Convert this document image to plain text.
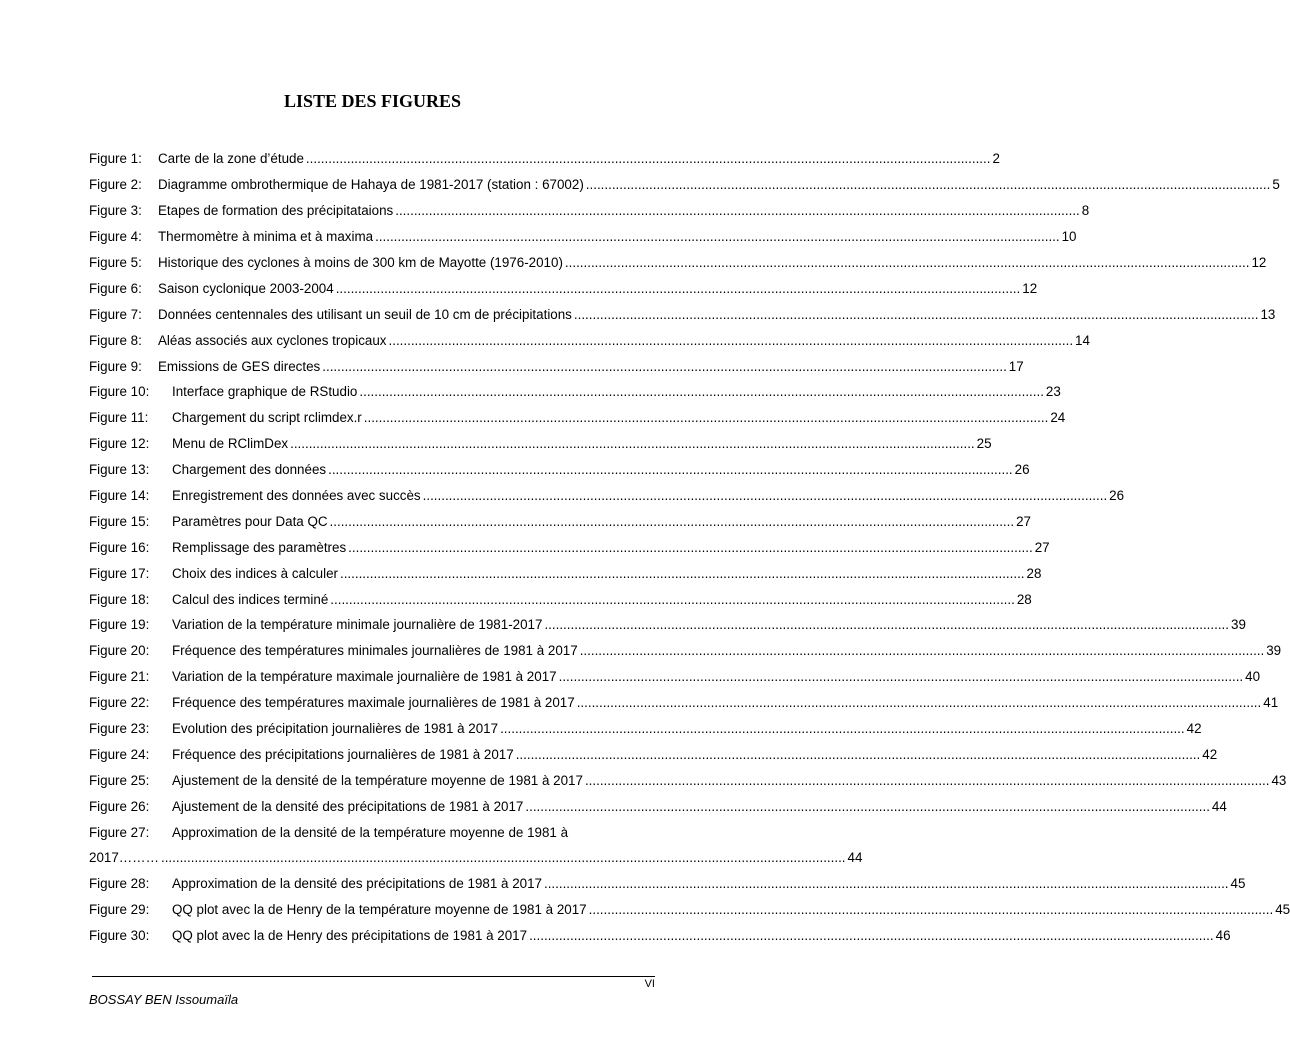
LISTE DES FIGURES
Figure 1:	Carte de la zone d’étude .....	2
Figure 2:	Diagramme ombrothermique de Hahaya de 1981-2017 (station : 67002) .....	5
Figure 3:	Etapes de formation des précipitataions .....	8
Figure 4:	Thermomètre à minima et à maxima .....	10
Figure 5:	Historique des cyclones à moins de 300 km de Mayotte (1976-2010) .....	12
Figure 6:	Saison cyclonique 2003-2004 .....	12
Figure 7:	Données centennales des utilisant un seuil de 10 cm de précipitations .....	13
Figure 8:	Aléas associés aux cyclones tropicaux .....	14
Figure 9:	Emissions de GES directes .....	17
Figure 10:	Interface graphique de RStudio .....	23
Figure 11:	Chargement du script rclimdex.r .....	24
Figure 12:	Menu de RClimDex .....	25
Figure 13:	Chargement des données .....	26
Figure 14:	Enregistrement des données avec succès .....	26
Figure 15:	Paramètres pour Data QC .....	27
Figure 16:	Remplissage des paramètres .....	27
Figure 17:	Choix des indices à calculer .....	28
Figure 18:	Calcul des indices terminé .....	28
Figure 19:	Variation de la température minimale journalière de 1981-2017 .....	39
Figure 20:	Fréquence des températures minimales journalières de 1981 à 2017 .....	39
Figure 21:	Variation de la température maximale journalière de 1981 à 2017 .....	40
Figure 22:	Fréquence des températures maximale journalières de 1981 à 2017 .....	41
Figure 23:	Evolution des précipitation journalières de 1981 à 2017 .....	42
Figure 24:	Fréquence des précipitations journalières de 1981 à 2017 .....	42
Figure 25:	Ajustement de la densité de la température moyenne de 1981 à 2017 .....	43
Figure 26:	Ajustement de la densité des précipitations de 1981 à 2017 .....	44
Figure 27:	Approximation de la densité de la température moyenne de 1981 à
2017……… .....	44
Figure 28:	Approximation de la densité des précipitations de 1981 à 2017 .....	45
Figure 29:	QQ plot avec la de Henry de la température moyenne de 1981 à 2017 .....	45
Figure 30:	QQ plot avec la de Henry des précipitations de 1981 à 2017 .....	46
VI
BOSSAY BEN Issoumaïla
